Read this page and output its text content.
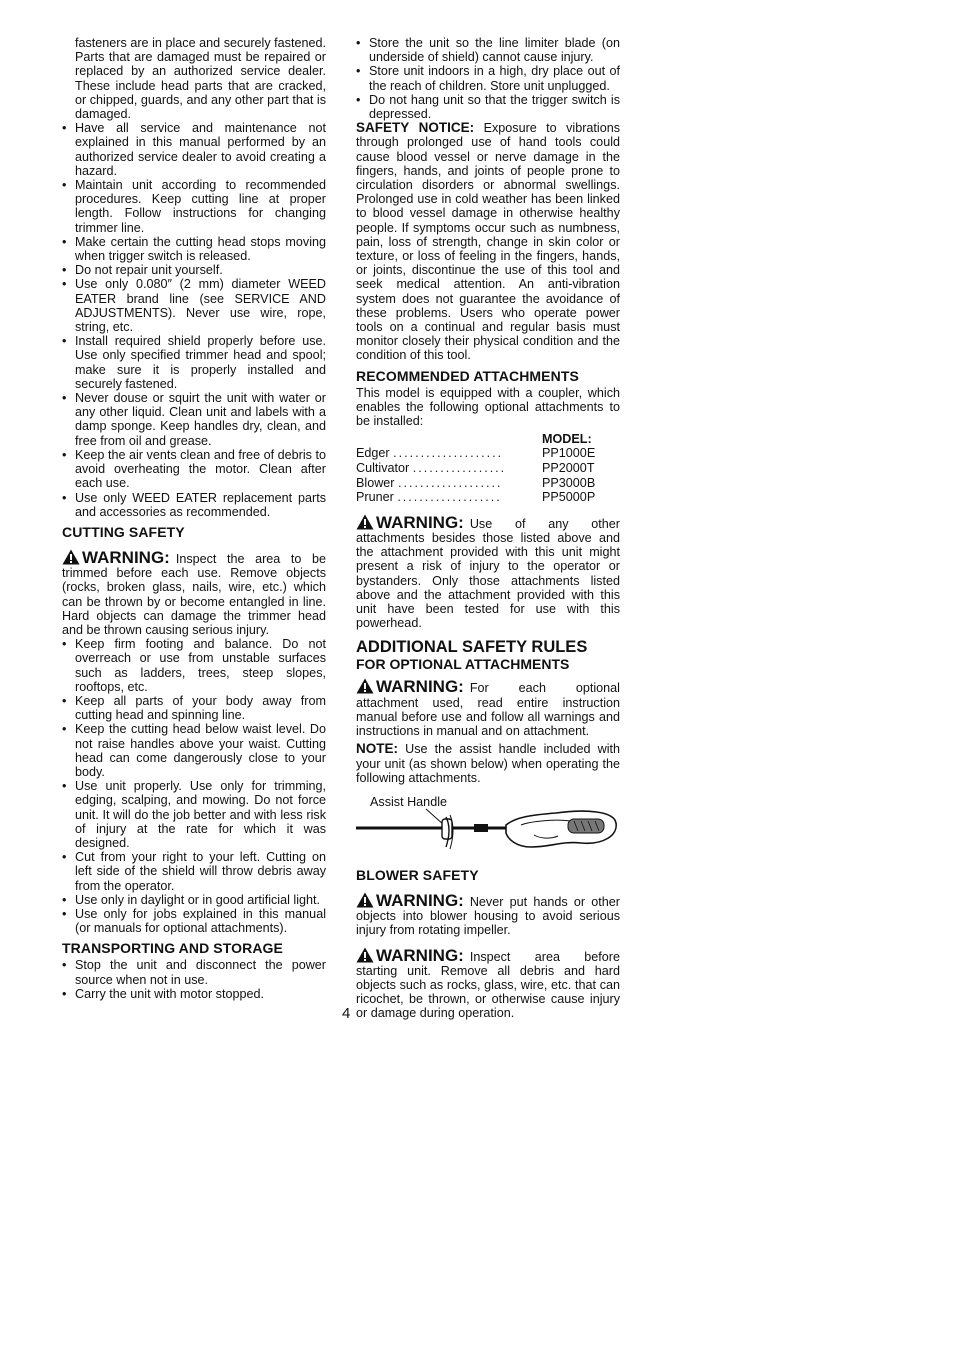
fasteners are in place and securely fastened. Parts that are damaged must be repaired or replaced by an authorized service dealer. These include head parts that are cracked, or chipped, guards, and any other part that is damaged.
• Have all service and maintenance not explained in this manual performed by an authorized service dealer to avoid creating a hazard.
• Maintain unit according to recommended procedures. Keep cutting line at proper length. Follow instructions for changing trimmer line.
• Make certain the cutting head stops moving when trigger switch is released.
• Do not repair unit yourself.
• Use only 0.080″ (2 mm) diameter WEED EATER brand line (see SERVICE AND ADJUSTMENTS). Never use wire, rope, string, etc.
• Install required shield properly before use. Use only specified trimmer head and spool; make sure it is properly installed and securely fastened.
• Never douse or squirt the unit with water or any other liquid. Clean unit and labels with a damp sponge. Keep handles dry, clean, and free from oil and grease.
• Keep the air vents clean and free of debris to avoid overheating the motor. Clean after each use.
• Use only WEED EATER replacement parts and accessories as recommended.
CUTTING SAFETY
WARNING: Inspect the area to be trimmed before each use. Remove objects (rocks, broken glass, nails, wire, etc.) which can be thrown by or become entangled in line. Hard objects can damage the trimmer head and be thrown causing serious injury.
• Keep firm footing and balance. Do not overreach or use from unstable surfaces such as ladders, trees, steep slopes, rooftops, etc.
• Keep all parts of your body away from cutting head and spinning line.
• Keep the cutting head below waist level. Do not raise handles above your waist. Cutting head can come dangerously close to your body.
• Use unit properly. Use only for trimming, edging, scalping, and mowing. Do not force unit. It will do the job better and with less risk of injury at the rate for which it was designed.
• Cut from your right to your left. Cutting on left side of the shield will throw debris away from the operator.
• Use only in daylight or in good artificial light.
• Use only for jobs explained in this manual (or manuals for optional attachments).
TRANSPORTING AND STORAGE
• Stop the unit and disconnect the power source when not in use.
• Carry the unit with motor stopped.
• Store the unit so the line limiter blade (on underside of shield) cannot cause injury.
• Store unit indoors in a high, dry place out of the reach of children. Store unit unplugged.
• Do not hang unit so that the trigger switch is depressed.

SAFETY NOTICE: Exposure to vibrations through prolonged use of hand tools could cause blood vessel or nerve damage in the fingers, hands, and joints of people prone to circulation disorders or abnormal swellings. Prolonged use in cold weather has been linked to blood vessel damage in otherwise healthy people. If symptoms occur such as numbness, pain, loss of strength, change in skin color or texture, or loss of feeling in the fingers, hands, or joints, discontinue the use of this tool and seek medical attention. An anti-vibration system does not guarantee the avoidance of these problems. Users who operate power tools on a continual and regular basis must monitor closely their physical condition and the condition of this tool.

RECOMMENDED ATTACHMENTS

This model is equipped with a coupler, which enables the following optional attachments to be installed:

	MODEL:
Edger ....................	PP1000E
Cultivator .................	PP2000T
Blower ...................	PP3000B
Pruner ...................	PP5000P
WARNING: Use of any other attachments besides those listed above and the attachment provided with this unit might present a risk of injury to the operator or bystanders. Only those attachments listed above and the attachment provided with this unit have been tested for use with this powerhead.
ADDITIONAL SAFETY RULES
FOR OPTIONAL ATTACHMENTS
WARNING: For each optional attachment used, read entire instruction manual before use and follow all warnings and instructions in manual and on attachment.

NOTE: Use the assist handle included with your unit (as shown below) when operating the following attachments.

Assist Handle
BLOWER SAFETY
WARNING: Never put hands or other objects into blower housing to avoid serious injury from rotating impeller.
WARNING: Inspect area before starting unit. Remove all debris and hard objects such as rocks, glass, wire, etc. that can ricochet, be thrown, or otherwise cause injury or damage during operation.
4
